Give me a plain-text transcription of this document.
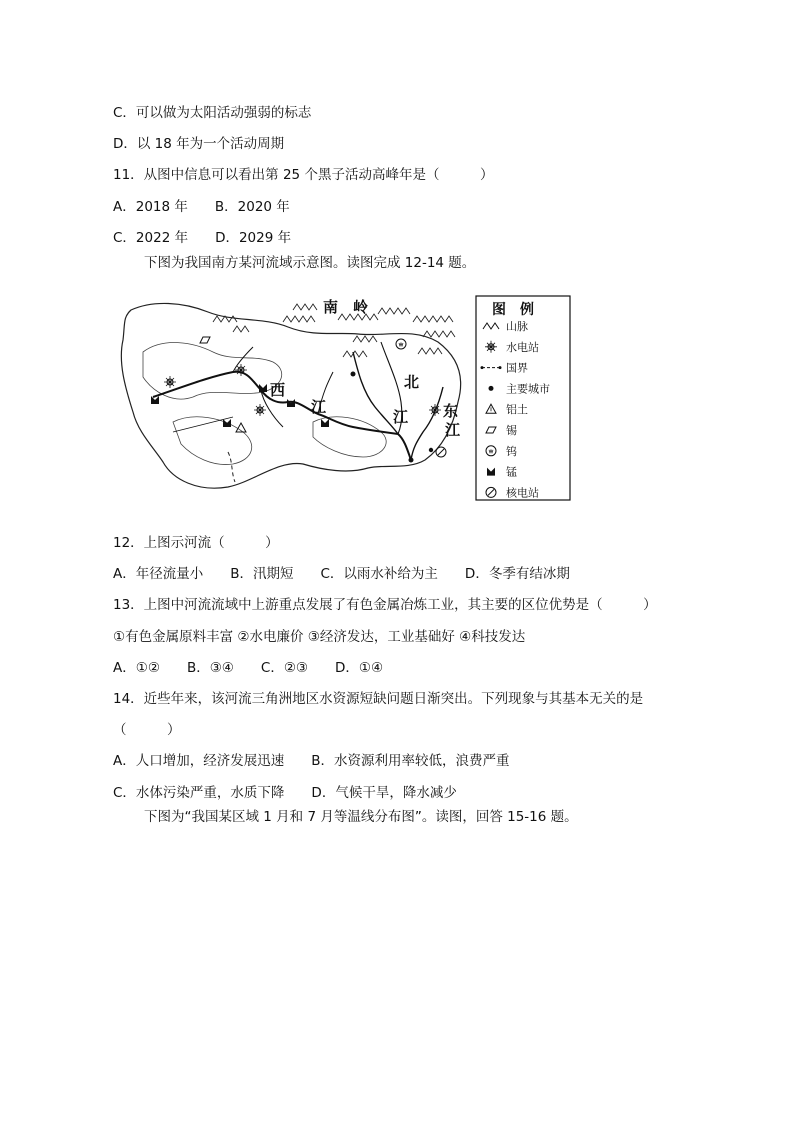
C．可以做为太阳活动强弱的标志
D．以 18 年为一个活动周期
11．从图中信息可以看出第 25 个黑子活动高峰年是（　　　）
A．2018 年　　B．2020 年
C．2022 年　　D．2029 年
下图为我国南方某河流域示意图。读图完成 12-14 题。
南　岭
西
江
北
江 东
江
图　例
山脉
水电站
国界
主要城市
铝土
锡
钨
锰
核电站
12．上图示河流（　　　）
A．年径流量小　　B．汛期短　　C．以雨水补给为主　　D．冬季有结冰期
13．上图中河流流域中上游重点发展了有色金属冶炼工业，其主要的区位优势是（　　　）
①有色金属原料丰富 ②水电廉价 ③经济发达，工业基础好 ④科技发达
A．①②　　B．③④　　C．②③　　D．①④
14．近些年来，该河流三角洲地区水资源短缺问题日渐突出。下列现象与其基本无关的是
（　　　）
A．人口增加，经济发展迅速　　B．水资源利用率较低，浪费严重
C．水体污染严重，水质下降　　D．气候干旱，降水减少
下图为“我国某区域 1 月和 7 月等温线分布图”。读图，回答 15-16 题。
